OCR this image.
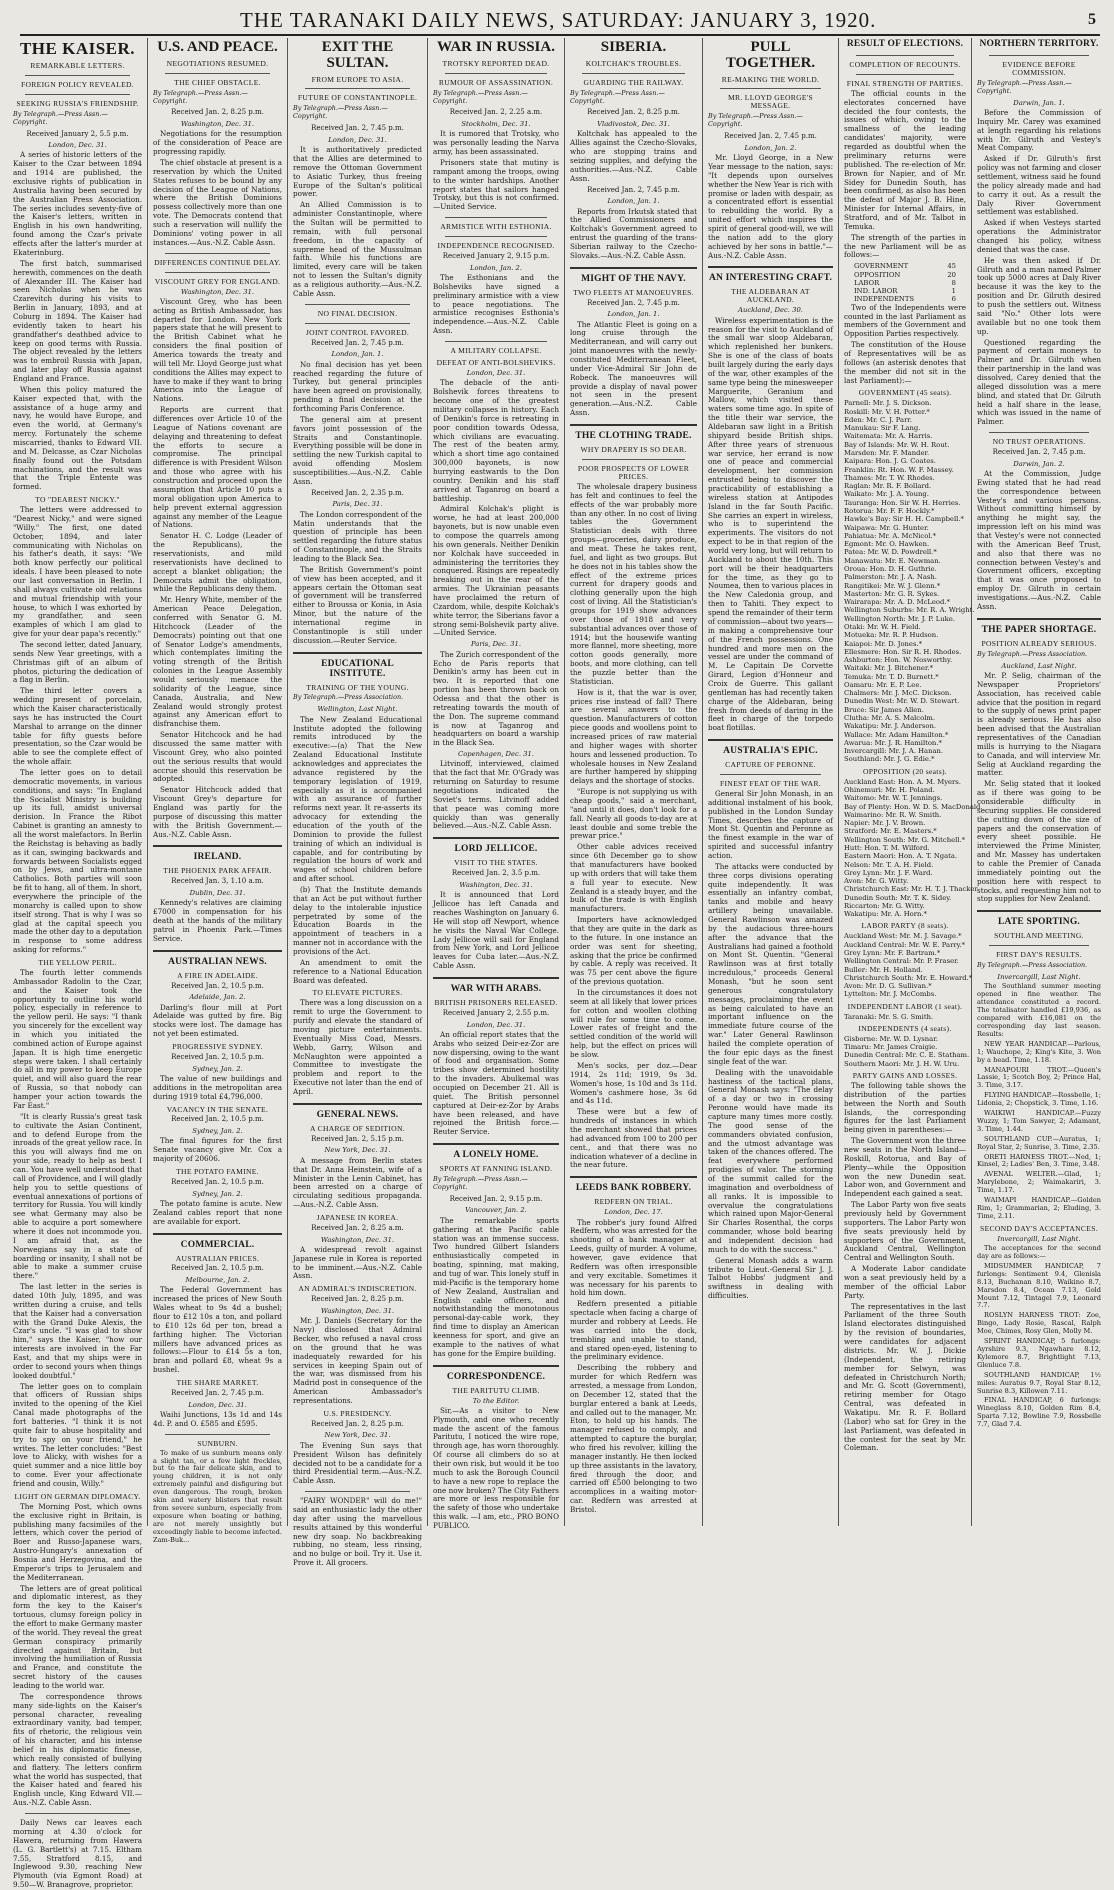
THE TARANAKI DAILY NEWS, SATURDAY: JANUARY 3, 1920.	5
THE KAISER.
REMARKABLE LETTERS.
FOREIGN POLICY REVEALED.
SEEKING RUSSIA'S FRIENDSHIP.
By Telegraph.—Press Assn.—Copyright.
Received January 2, 5.5 p.m.
London, Dec. 31.

A series of historic letters of the Kaiser to the Czar between 1894 and 1914 are published, the exclusive rights of publication in Australia having been secured by the Australian Press Association. The series includes seventy-five of the Kaiser's letters, written in English in his own handwriting, found among the Czar's private effects after the latter's murder at Ekaterinburg.

The first batch, summarised herewith, commences on the death of Alexander III. The Kaiser had seen Nicholas when he was Czarevitch during his visits to Berlin in January, 1893, and at Coburg in 1894. The Kaiser had evidently taken to heart his grandfather's deathbed advice to keep on good terms with Russia. The object revealed by the letters was to embroil Russia with Japan, and later play off Russia against England and France.

When this policy matured the Kaiser expected that, with the assistance of a huge army and navy, he would have Europe, and even the world, at Germany's mercy. Fortunately the scheme miscarried, thanks to Edward VII. and M. Delcasse, as Czar Nicholas finally found out the Potsdam machinations, and the result was that the Triple Entente was formed.

TO "DEAREST NICKY."

The letters were addressed to "Dearest Nicky," and were signed "Willy." The first, one dated October, 1894, and later communicating with Nicholas on his father's death, it says: "We both know perfectly our political ideals. I have been pleased to note our last conversation in Berlin. I shall always cultivate old relations and mutual friendship with your house, to which I was exhorted by my grandfather, and seen examples of which I am glad to give for your dear papa's recently."

The second letter, dated January, sends New Year greetings, with a Christmas gift of an album of photos, picturing the dedication of a flag in Berlin.

The third letter covers a wedding present of porcelain, which the Kaiser characteristically says he has instructed the Court Marshal to arrange on the dinner table for fifty guests before presentation, so the Czar would be able to see the complete effect of the whole affair.

The letter goes on to detail democratic movements, in various conditions, and says: "In England the Socialist Ministry is building up its full, amidst universal derision. In France the Ribot Cabinet is granting an amnesty to all the worst malefactors. In Berlin the Reichstag is behaving as badly as it can, swinging backwards and forwards between Socialists egged on by Jews, and ultra-montane Catholics. Both parties will soon be fit to hang, all of them. In short, everywhere the principle of the monarchy is called upon to show itself strong. That is why I was so glad at the capital speech you made the other day to a deputation in response to some address asking for reforms."

THE YELLOW PERIL.

The fourth letter commends Ambassador Radolin to the Czar, and the Kaiser took the opportunity to outline his world policy, especially in reference to the yellow peril. He says: "I thank you sincerely for the excellent way in which you initiated the combined action of Europe against Japan. It is high time energetic steps were taken. I shall certainly do all in my power to keep Europe quiet, and will also guard the rear of Russia, so that nobody can hamper your action towards the Far East."

"It is clearly Russia's great task to cultivate the Asian Continent, and to defend Europe from the inroads of the great yellow race. In this you will always find me on your side, ready to help as best I can. You have well understood that call of Providence, and I will gladly help you to settle questions of eventual annexations of portions of territory for Russia. You will kindly see what Germany may also be able to acquire a port somewhere where it does not incommode you. I am afraid that, as the Norwegians say in a state of boarding or insanity, I shall not be able to make a summer cruise there."

The last letter in the series is dated 10th July, 1895, and was written during a cruise, and tells that the Kaiser had a conversation with the Grand Duke Alexis, the Czar's uncle. "I was glad to show him," says the Kaiser, "how our interests are involved in the Far East, and that my ships were in order to second yours when things looked doubtful."

The letter goes on to complain that officers of Russian ships invited to the opening of the Kiel Canal made photographs of the fort batteries. "I think it is not quite fair to abuse hospitality and try to spy on your friend," he writes. The letter concludes: "Best love to Alicky, with wishes for a quiet summer and a nice little boy to come. Ever your affectionate friend and cousin, Willy."

LIGHT ON GERMAN DIPLOMACY.

The Morning Post, which owns the exclusive right in Britain, is publishing many facsimiles of the letters, which cover the period of Boer and Russo-Japanese wars, Austro-Hungary's annexation of Bosnia and Herzegovina, and the Emperor's trips to Jerusalem and the Mediterranean.

The letters are of great political and diplomatic interest, as they form the key to the Kaiser's tortuous, clumsy foreign policy in the effort to make Germany master of the world. They reveal the great German conspiracy primarily directed against Britain, but involving the humiliation of Russia and France, and constitute the secret history of the causes leading to the world war.

The correspondence throws many side-lights on the Kaiser's personal character, revealing extraordinary vanity, bad temper, fits of rhetoric, the religious vein of his character, and his intense belief in his diplomatic finesse, which really consisted of bullying and flattery. The letters confirm what the world has suspected, that the Kaiser hated and feared his English uncle, King Edward VII.—Aus.-N.Z. Cable Assn.

Daily News car leaves each morning at 4.30 o'clock for Hawera, returning from Hawera (L. G. Bartlett's) at 7.15. Eltham 7.55, Stratford 8.15, and Inglewood 9.30, reaching New Plymouth (via Egmont Road) at 9.50—W. Branagrove, proprietor.

U.S. AND PEACE.
NEGOTIATIONS RESUMED.
THE CHIEF OBSTACLE.
By Telegraph.—Press Assn.—Copyright.
Received Jan. 2, 8.25 p.m.
Washington, Dec. 31.

Negotiations for the resumption of the consideration of Peace are progressing rapidly.

The chief obstacle at present is a reservation by which the United States refuses to be bound by any decision of the League of Nations, where the British Dominions possess collectively more than one vote. The Democrats contend that such a reservation will nullify the Dominions' voting power in all instances.—Aus.-N.Z. Cable Assn.

DIFFERENCES CONTINUE DELAY.
VISCOUNT GREY FOR ENGLAND.
Washington, Dec. 31.

Viscount Grey, who has been acting as British Ambassador, has departed for London. New York papers state that he will present to the British Cabinet what he considers the final position of America towards the treaty and will tell Mr. Lloyd George just what conditions the Allies may expect to have to make if they want to bring America into the League of Nations.

Reports are current that differences over Article 10 of the League of Nations covenant are delaying and threatening to defeat the efforts to secure a compromise. The principal difference is with President Wilson and those who agree with his construction and proceed upon the assumption that Article 10 puts a moral obligation upon America to help prevent external aggression against any member of the League of Nations.

Senator H. C. Lodge (Leader of the Republicans), the reservationists, and mild reservationists have declined to accept a blanket obligation; the Democrats admit the obligation, while the Republicans deny them.

Mr. Henry White, member of the American Peace Delegation, conferred with Senator G. M. Hitchcock (Leader of the Democrats) pointing out that one of Senator Lodge's amendments, which contemplates limiting the voting strength of the British colonies in the League Assembly would seriously menace the solidarity of the League, since Canada, Australia, and New Zealand would strongly protest against any American effort to disfranchise them.

Senator Hitchcock and he had discussed the same matter with Viscount Grey, who also pointed out the serious results that would accrue should this reservation be adopted.

Senator Hitchcock added that Viscount Grey's departure for England was partly for the purpose of discussing this matter with the British Government.—Aus.-N.Z. Cable Assn.

IRELAND.
THE PHOENIX PARK AFFAIR.
Received Jan. 3, 1.10 a.m.
Dublin, Dec. 31.

Kennedy's relatives are claiming £7000 in compensation for his death at the hands of the military patrol in Phoenix Park.—Times Service.

AUSTRALIAN NEWS.
A FIRE IN ADELAIDE.
Received Jan. 2, 10.5 p.m.
Adelaide, Jan. 2.

Darling's flour mill at Port Adelaide was gutted by fire. Big stocks were lost. The damage has not yet been estimated.

PROGRESSIVE SYDNEY.
Received Jan. 2, 10.5 p.m.
Sydney, Jan. 2.

The value of new buildings and additions in the metropolitan area during 1919 total £4,796,000.

VACANCY IN THE SENATE.
Received Jan. 2, 10.5 p.m.
Sydney, Jan. 2.

The final figures for the first Senate vacancy give Mr. Cox a majority of 20606.

THE POTATO FAMINE.
Received Jan. 2, 10.5 p.m.
Sydney, Jan. 2.

The potato famine is acute. New Zealand cables report that none are available for export.

COMMERCIAL.
AUSTRALIAN PRICES.
Received Jan. 2, 10.5 p.m.
Melbourne, Jan. 2.

The Federal Government has increased the prices of New South Wales wheat to 9s 4d a bushel; flour to £12 10s a ton, and pollard to £10 12s 6d per ton, bread a farthing higher. The Victorian millers have advanced prices as follows:—Flour to £14 5s a ton, bran and pollard £8, wheat 9s a bushel.

THE SHARE MARKET.
Received Jan. 2, 7.45 p.m.
London, Dec. 31.

Waihi Junctions, 13s 1d and 14s 4d. P. and O. £585 and £595.

SUNBURN.

To make of us sunburn means only a slight tan, or a few light freckles, but to the fair delicate skin, and to young children, it is not only extremely painful and disfiguring but even dangerous. The rough, broken skin and watery blisters that result from severe sunburn, especially from exposure when boating or bathing, are not merely unsightly but exceedingly liable to become infected. Zam-Buk...

EXIT THE SULTAN.
FROM EUROPE TO ASIA.
FUTURE OF CONSTANTINOPLE.
By Telegraph.—Press Assn.—Copyright.
Received Jan. 2, 7.45 p.m.
London, Dec. 31.

It is authoritatively predicted that the Allies are determined to remove the Ottoman Government to Asiatic Turkey, thus freeing Europe of the Sultan's political power.

An Allied Commission is to administer Constantinople, where the Sultan will be permitted to remain, with full personal freedom, in the capacity of supreme head of the Mussulman faith. While his functions are limited, every care will be taken not to lessen the Sultan's dignity as a religious authority.—Aus.-N.Z. Cable Assn.

NO FINAL DECISION.
JOINT CONTROL FAVORED.
Received Jan. 2, 7.45 p.m.
London, Jan. 1.

No final decision has yet been reached regarding the future of Turkey, but general principles have been agreed on provisionally, pending a final decision at the forthcoming Paris Conference.

The general aim at present favors joint possession of the Straits and Constantinople. Everything possible will be done in settling the new Turkish capital to avoid offending Moslem susceptibilities.—Aus.-N.Z. Cable Assn.

Received Jan. 2, 2.35 p.m.
Paris, Dec. 31.

The London correspondent of the Matin understands that the question of principle has been settled regarding the future status of Constantinople, and the Straits leading to the Black Sea.

The British Government's point of view has been accepted, and it appears certain the Ottoman seat of government will be transferred either to Broussa or Konia, in Asia Minor, but the nature of the international regime in Constantinople is still under discussion.—Reuter Service.

EDUCATIONAL INSTITUTE.
TRAINING OF THE YOUNG.
By Telegraph.—Press Association.
Wellington, Last Night.

The New Zealand Educational Institute adopted the following remits introduced by the executive:—(a) That the New Zealand Educational Institute acknowledges and appreciates the advance registered by the temporary legislation of 1919, especially as it is accompanied with an assurance of further reforms next year. It re-asserts its advocacy for extending the education of the youth of the Dominion to provide the fullest training of which an individual is capable, and for contributing by regulation the hours of work and wages of school children before and after school.

(b) That the Institute demands that an Act be put without further delay to the intolerable injustice perpetrated by some of the Education Boards in the appointment of teachers in a manner not in accordance with the provisions of the Act.

An amendment to omit the reference to a National Education Board was defeated.

TO ELEVATE PICTURES.

There was a long discussion on a remit to urge the Government to purify and elevate the standard of moving picture entertainments. Eventually Miss Coad, Messrs. Webb, Garry, Wilson and McNaughton were appointed a Committee to investigate the problem and report to the Executive not later than the end of April.

GENERAL NEWS.
A CHARGE OF SEDITION.
Received Jan. 2, 5.15 p.m.
New York, Dec. 31.

A message from Berlin states that Dr. Anna Heinstein, wife of a Minister in the Lenin Cabinet, has been arrested on a charge of circulating seditious propaganda.—Aus.-N.Z. Cable Assn.

JAPANESE IN KOREA.
Received Jan. 2, 8.25 a.m.
Washington, Dec. 31.

A widespread revolt against Japanese rule in Korea is reported to be imminent.—Aus.-N.Z. Cable Assn.

AN ADMIRAL'S INDISCRETION.
Received Jan. 2, 8.25 p.m.
Washington, Dec. 31.

Mr. J. Daniels (Secretary for the Navy) disclosed that Admiral Becker, who refused a naval cross on the ground that he was inadequately rewarded for his services in keeping Spain out of the war, was dismissed from his Madrid post in consequence of the American Ambassador's representations.

U.S. PRESIDENCY.
Received Jan. 2, 8.25 p.m.
New York, Dec. 31.

The Evening Sun says that President Wilson has definitely decided not to be a candidate for a third Presidential term.—Aus.-N.Z. Cable Assn.

"FAIRY WONDER" will do me!" said an enthusiastic lady the other day after using the marvellous results attained by this wonderful new dry soap. No backbreaking rubbing, no steam, less rinsing, and no bulge or boil. Try it. Use it. Prove it. All grocers.

WAR IN RUSSIA.
TROTSKY REPORTED DEAD.
RUMOUR OF ASSASSINATION.
By Telegraph.—Press Assn.—Copyright.
Received Jan. 2, 2.25 a.m.
Stockholm, Dec. 31.

It is rumored that Trotsky, who was personally leading the Narva army, has been assassinated.

Prisoners state that mutiny is rampant among the troops, owing to the winter hardships. Another report states that sailors hanged Trotsky, but this is not confirmed.—United Service.

ARMISTICE WITH ESTHONIA.
INDEPENDENCE RECOGNISED.
Received January 2, 9.15 p.m.
London, Jan. 2.

The Esthonians and the Bolsheviks have signed a preliminary armistice with a view to peace negotiations. The armistice recognises Esthonia's independence.—Aus.-N.Z. Cable Assn.

A MILITARY COLLAPSE.
DEFEAT OF ANTI-BOLSHEVIKS.
London, Dec. 31.

The debacle of the anti-Bolshevik forces threatens to become one of the greatest military collapses in history. Each of Denikin's force is retreating in poor condition towards Odessa, which civilians are evacuating. The rest of the beaten army, which a short time ago contained 300,000 bayonets, is now hurrying eastwards to the Don country. Denikin and his staff arrived at Taganrog on board a battleship.

Admiral Kolchak's plight is worse, he had at least 200,000 bayonets, but is now unable even to compose the quarrels among his own generals. Neither Denikin nor Kolchak have succeeded in administering the territories they conquered. Risings are repeatedly breaking out in the rear of the armies. The Ukrainian peasants have proclaimed the return of Czardom, while, despite Kolchak's white terror, the Siberians favor a strong semi-Bolshevik party alive.—United Service.

Paris, Dec. 31.

The Zurich correspondent of the Echo de Paris reports that Denikin's army has been cut in two. It is reported that one portion has been thrown back on Odessa and that the other is retreating towards the mouth of the Don. The supreme command is now at Taganrog and headquarters on board a warship in the Black Sea.

Copenhagen, Dec. 31.

Litvinoff, interviewed, claimed that the fact that Mr. O'Grady was returning on Saturday to resume negotiations indicated the Soviet's terms. Litvinoff added that peace was coming more quickly than was generally believed.—Aus.-N.Z. Cable Assn.

LORD JELLICOE.
VISIT TO THE STATES.
Received Jan. 2, 3.5 p.m.
Washington, Dec. 31.

It is announced that Lord Jellicoe has left Canada and reaches Washington on January 6. He will stop off Newport, whence he visits the Naval War College. Lady Jellicoe will sail for England from New York, and Lord Jellicoe leaves for Cuba later.—Aus.-N.Z. Cable Assn.

WAR WITH ARABS.
BRITISH PRISONERS RELEASED.
Received January 2, 2.55 p.m.
London, Dec. 31.

An official report states that the Arabs who seized Deir-ez-Zor are now dispersing, owing to the want of food and organisation. Some tribes show determined hostility to the invaders. Abulkemal was occupied on December 21. All is quiet. The British personnel captured at Deir-ez-Zor by Arabs have been released, and have rejoined the British force.—Reuter Service.

A LONELY HOME.
SPORTS AT FANNING ISLAND.
By Telegraph.—Press Assn.—Copyright.
Received Jan. 2, 9.15 p.m.
Vancouver, Jan. 2.

The remarkable sports gathering at the Pacific cable station was an immense success. Two hundred Gilbert Islanders enthusiastically competed in boating, spinning, mat making, and tug of war. This lonely stuff in mid-Pacific is the temporary home of New Zealand, Australian and English cable officers, and notwithstanding the monotonous personal-day-cable work, they find time to display an American keenness for sport, and give an example to the natives of what has gone for the Empire building.

CORRESPONDENCE.
THE PARITUTU CLIMB.
To the Editor.

Sir,—As a visitor to New Plymouth, and one who recently made the ascent of the famous Paritutu, I noticed the wire rope, through age, has worn thoroughly. Of course all climbers do so at their own risk, but would it be too much to ask the Borough Council to have a new rope to replace the one now broken? The City Fathers are more or less responsible for the safety of those who undertake this walk. —I am, etc., PRO BONO PUBLICO.

SIBERIA.
KOLTCHAK'S TROUBLES.
GUARDING THE RAILWAY.
By Telegraph.—Press Assn.—Copyright.
Received Jan. 2, 8.25 p.m.
Vladivostok, Dec. 31.

Koltchak has appealed to the Allies against the Czecho-Slovaks, who are stopping trains and seizing supplies, and defying the authorities.—Aus.-N.Z. Cable Assn.

Received Jan. 2, 7.45 p.m.
London, Jan. 1.

Reports from Irkutsk stated that the Allied Commissioners and Koltchak's Government agreed to entrust the guarding of the trans-Siberian railway to the Czecho-Slovaks.—Aus.-N.Z. Cable Assn.

MIGHT OF THE NAVY.
TWO FLEETS AT MANOEUVRES.
Received Jan. 2, 7.45 p.m.
London, Jan. 1.

The Atlantic Fleet is going on a long cruise through the Mediterranean, and will carry out joint manoeuvres with the newly-constituted Mediterranean Fleet, under Vice-Admiral Sir John de Robeck. The manoeuvres will provide a display of naval power not seen in the present generation.—Aus.-N.Z. Cable Assn.

THE CLOTHING TRADE.
WHY DRAPERY IS SO DEAR.
POOR PROSPECTS OF LOWER PRICES.

The wholesale drapery business has felt and continues to feel the effects of the war probably more than any other. In no cost of living tables the Government Statistician deals with three groups—groceries, dairy produce, and meat. These he takes rent, fuel, and light as two groups. But he does not in his tables show the effect of the extreme prices current for drapery goods and clothing generally upon the high cost of living. All the Statistician's groups for 1919 show advances over those of 1918 and very substantial advances over those of 1914; but the housewife wanting more flannel, more sheeting, more cotton goods generally, more boots, and more clothing, can tell the puzzle better than the Statistician.

How is it, that the war is over, prices rise instead of fall? There are several answers to the question. Manufacturers of cotton piece goods and woollens point to increased prices of raw material and higher wages with shorter hours and lessened production. To wholesale houses in New Zealand are further hampered by shipping delays and the shortage of stocks.

"Europe is not supplying us with cheap goods," said a merchant, "and until it does, don't look for a fall. Nearly all goods to-day are at least double and some treble the prewar price."

Other cable advices received since 6th December go to show that manufacturers have booked up with orders that will take them a full year to execute. New Zealand is a steady buyer, and the bulk of the trade is with English manufacturers.

Importers have acknowledged that they are quite in the dark as to the future. In one instance an order was sent for sheeting, asking that the price be confirmed by cable. A reply was received. It was 75 per cent above the figure of the previous quotation.

In the circumstances it does not seem at all likely that lower prices for cotton and woollen clothing will rule for some time to come. Lower rates of freight and the settled condition of the world will help, but the effect on prices will be slow.

Men's socks, per doz.—Dear 1914, 2s 11d; 1919, 9s 3d. Women's hose, 1s 10d and 3s 11d. Women's cashmere hose, 3s 6d and 4s 11d.

These were but a few of hundreds of instances in which the merchant showed that prices had advanced from 100 to 200 per cent., and that there was no indication whatever of a decline in the near future.

LEEDS BANK ROBBERY.
REDFERN ON TRIAL.
London, Dec. 17.

The robber's jury found Alfred Redfern, who was arrested for the shooting of a bank manager at Leeds, guilty of murder. A volume, however, gave evidence that Redfern was often irresponsible and very excitable. Sometimes it was necessary for his parents to hold him down.

Redfern presented a pitiable spectacle when facing a charge of murder and robbery at Leeds. He was carried into the dock, trembling and unable to stand, and stared open-eyed, listening to the preliminary evidence.

Describing the robbery and murder for which Redfern was arrested, a message from London, on December 12, stated that the burglar entered a bank at Leeds, and called out to the manager, Mr. Eton, to hold up his hands. The manager refused to comply, and attempted to capture the burglar, who fired his revolver, killing the manager instantly. He then locked up three assistants in the lavatory, fired through the door, and carried off £500 belonging to two accomplices in a waiting motor-car. Redfern was arrested at Bristol.

PULL TOGETHER.
RE-MAKING THE WORLD.
MR. LLOYD GEORGE'S MESSAGE.
By Telegraph.—Press Assn.—Copyright.
Received Jan. 2, 7.45 p.m.
London, Jan. 2.

Mr. Lloyd George, in a New Year message to the nation, says: "It depends upon ourselves whether the New Year is rich with promise or laden with despair, as a concentrated effort is essential to rebuilding the world. By a united effort which inspires the spirit of general good-will, we will the nation add to the glory achieved by her sons in battle."—Aus.-N.Z. Cable Assn.

AN INTERESTING CRAFT.
THE ALDEBARAN AT AUCKLAND.
Auckland, Dec. 30.

Wireless experimentation is the reason for the visit to Auckland of the small war sloop Aldebaran, which replenished her bunkers. She is one of the class of boats built largely during the early days of the war, other examples of the same type being the minesweeper Marguerite, Geranium and Mallow, which visited these waters some time ago. In spite of the title their war service, the Aldebaran saw light in a British shipyard beside British ships. After three years of strenuous war service, her errand is now one of peace and commercial development, her commission entrusted being to discover the practicability of establishing a wireless station at Antipodes Island in the far South Pacific. She carries an expert in wireless, who is to superintend the experiments. The visitors do not expect to be in that region of the world very long, but will return to Auckland to about the 10th. This port will be their headquarters for the time, as they go to Noumea, then to various places in the New Caledonia group, and then to Tahiti. They expect to spend the remainder of their term of commission—about two years—in making a comprehensive tour of the French possessions. One hundred and more men on the vessel are under the command of M. Le Capitain De Corvette Girard, Legion d'Honneur and Croix de Guerre. This gallant gentleman has had recently taken charge of the Aldebaran, being fresh from deeds of daring in the fleet in charge of the torpedo boat flotillas.

AUSTRALIA'S EPIC.
CAPTURE OF PERONNE.
FINEST FEAT OF THE WAR.

General Sir John Monash, in an additional instalment of his book, published in the London Sunday Times, describes the capture of Mont St. Quentin and Peronne as the finest example in the war of spirited and successful infantry action.

The attacks were conducted by three corps divisions operating quite independently. It was essentially an infantry combat, tanks and mobile and heavy artillery being unavailable. General Rawlinson was amazed by the audacious three-hours after the advance that the Australians had gained a foothold on Mont St. Quentin. "General Rawlinson was at first totally incredulous," proceeds General Monash, "but he soon sent generous congratulatory messages, proclaiming the event as being calculated to have an important influence on the immediate future course of the war." Later General Rawlinson hailed the complete operation of the four epic days as the finest single feat of the war.

Dealing with the unavoidable hastiness of the tactical plans, General Monash says: "The delay of a day or two in crossing Peronne would have made its capture many times more costly. The good sense of the commanders obviated confusion, and the utmost advantage was taken of the chances offered. The feat everywhere performed prodigies of valor. The storming of the summit called for the imagination and overboldness of all ranks. It is impossible to overvalue the congratulations which rained upon Major-General Sir Charles Rosenthal, the corps commander, whose bold bearing and independent decision had much to do with the success."

General Monash adds a warm tribute to Lieut.-General Sir J. J. Talbot Hobbs' judgment and swiftness in dealing with difficulties.

RESULT OF ELECTIONS.
COMPLETION OF RECOUNTS.
FINAL STRENGTH OF PARTIES.

The official counts in the electorates concerned have decided the four contests, the issues of which, owing to the smallness of the leading candidates' majority, were regarded as doubtful when the preliminary returns were published. The re-election of Mr. Brown for Napier, and of Mr. Sidey for Dunedin South, has been confirmed, as also has been the defeat of Major J. B. Hine, Minister for Internal Affairs, in Stratford, and of Mr. Talbot in Temuka.

The strength of the parties in the new Parliament will be as follows:—

GOVERNMENT	45
OPPOSITION	20
LABOR	8
IND. LABOR	1
INDEPENDENTS	6

Two of the Independents were counted in the last Parliament as members of the Government and Opposition Parties respectively.

The constitution of the House of Representatives will be as follows (an asterisk denotes that the member did not sit in the last Parliament):—

GOVERNMENT (45 seats).
Parnell: Mr. J. S. Dickson.
Roskill: Mr. V. H. Potter.*
Eden: Mr. C. J. Parr.
Manukau: Sir F. Lang.
Waitemata: Mr. A. Harris.
Bay of Islands: Mr. W. H. Rout.
Marsden: Mr. F. Mander.
Kaipara: Hon. J. G. Coates.
Franklin: Rt. Hon. W. F. Massey.
Thames: Mr. T. W. Rhodes.
Raglan: Mr. R. F. Bollard.
Waikato: Mr. J. A. Young.
Tauranga: Hon. Sir W. H. Herries.
Rotorua: Mr. F. F. Hockly.*
Hawke's Bay: Sir H. H. Campbell.*
Waipawa: Mr. G. Hunter.
Pahiatua: Mr. A. McNicol.*
Egmont: Mr. O. Hawken.
Patea: Mr. W. D. Powdrell.*
Manawatu: Mr. E. Newman.
Oroua: Hon. D. H. Guthrie.
Palmerston: Mr. J. A. Nash.
Rangitikei: Mr. W. J. Glenn.*
Masterton: Mr. G. R. Sykes.
Wairarapa: Mr. A. D. McLeod.*
Wellington Suburbs: Mr. R. A. Wright.
Wellington North: Mr. J. P. Luke.
Otaki: Mr. W. H. Field.
Motueka: Mr. R. P. Hudson.
Kaiapoi: Mr. D. Jones.*
Ellesmere: Hon. Sir R. H. Rhodes.
Ashburton: Hon. W. Nosworthy.
Waitaki: Mr. J. Bitchener.*
Temuka: Mr. T. D. Burnett.*
Oamaru: Mr. E. P. Lee.
Chalmers: Mr. J. McC. Dickson.
Dunedin West: Mr. W. D. Stewart.
Bruce: Sir James Allen.
Clutha: Mr. A. S. Malcolm.
Wakatipu: Mr. J. Anderson.
Wallace: Mr. Adam Hamilton.*
Awarua: Mr. J. R. Hamilton.*
Invercargill: Mr. J. A. Hanan.
Southland: Mr. J. G. Edie.*
OPPOSITION (20 seats).
Auckland East: Hon. A. M. Myers.
Ohinemuri: Mr. H. Poland.
Waitomo: Mr. W. T. Jennings.
Bay of Plenty: Hon. W. D. S. MacDonald.
Waimarino: Mr. R. W. Smith.
Napier: Mr. J. V. Brown.
Stratford: Mr. E. Masters.*
Wellington South: Mr. G. Mitchell.*
Hutt: Hon. T. M. Wilford.
Eastern Maori: Hon. A. T. Ngata.
Nelson: Mr. T. A. H. Field.
Grey Lynn: Mr. J. F. Ward.
Avon: Mr. G. Witty.
Christchurch East: Mr. H. T. J. Thacker.
Dunedin South: Mr. T. K. Sidey.
Riccarton: Mr. G. Witty.
Wakatipu: Mr. A. Horn.*
LABOR PARTY (8 seats).
Auckland West: Mr. M. J. Savage.*
Auckland Central: Mr. W. E. Parry.*
Grey Lynn: Mr. F. Bartram.*
Wellington Central: Mr. P. Fraser.
Buller: Mr. H. Holland.
Christchurch South: Mr. E. Howard.*
Avon: Mr. D. G. Sullivan.*
Lyttelton: Mr. J. McCombs.
INDEPENDENT LABOR (1 seat).
Taranaki: Mr. S. G. Smith.
INDEPENDENTS (4 seats).
Gisborne: Mr. W. D. Lysnar.
Timaru: Mr. James Craigie.
Dunedin Central: Mr. C. E. Statham.
Southern Maori: Mr. J. H. W. Uru.
PARTY GAINS AND LOSSES.

The following table shows the distribution of the parties between the North and South Islands, the corresponding figures for the last Parliament being given in parentheses:—

The Government won the three new seats in the North Island—Roskill, Rotorua, and Bay of Plenty—while the Opposition won the new Dunedin seat. Labor won, and Government and Independent each gained a seat.

The Labor Party won five seats previously held by Government supporters. The Labor Party won five seats previously held by supporters of the Government, Auckland Central, Wellington Central and Wellington South.

A Moderate Labor candidate won a seat previously held by a member of the official Labor Party.

The representatives in the last Parliament of the three South Island electorates distinguished by the revision of boundaries, were candidates for adjacent districts. Mr. W. J. Dickie (Independent, the retiring member for Selwyn, was defeated in Christchurch North; and Mr. G. Scott (Government), retiring member for Otago Central, was defeated in Wakatipu. Mr. R. F. Bollard (Labor) who sat for Grey in the last Parliament, was defeated in the contest for the seat by Mr. Coleman.

NORTHERN TERRITORY.
EVIDENCE BEFORE COMMISSION.
By Telegraph.—Press Assn.—Copyright.
Darwin, Jan. 1.

Before the Commission of Inquiry Mr. Carey was examined at length regarding his relations with Dr. Gilruth and Vestey's Meat Company.

Asked if Dr. Gilruth's first policy was not farming and closer settlement, witness said he found the policy already made and had to carry it out. As a result the Daly River Government settlement was established.

Asked if when Vesteys started operations the Administrator changed his policy, witness denied that was the case.

He was then asked if Dr. Gilruth and a man named Palmer took up 5000 acres at Daly River because it was the key to the position and Dr. Gilruth desired to push the settlers out. Witness said "No." Other lots were available but no one took them up.

Questioned regarding the payment of certain moneys to Palmer and Dr. Gilruth when their partnership in the land was dissolved, Carey denied that the alleged dissolution was a mere blind, and stated that Dr. Gilruth held a half share in the lease, which was issued in the name of Palmer.

NO TRUST OPERATIONS.
Received Jan. 2, 7.45 p.m.
Darwin, Jan. 2.

At the Commission, Judge Ewing stated that he had read the correspondence between Vestey's and various persons. Without committing himself by anything he might say, the impression left on his mind was that Vestey's were not connected with the American Beef Trust, and also that there was no connection between Vestey's and Government officers, excepting that it was once proposed to employ Dr. Gilruth in certain investigations.—Aus.-N.Z. Cable Assn.

THE PAPER SHORTAGE.
POSITION ALREADY SERIOUS.
By Telegraph.—Press Association.
Auckland, Last Night.

Mr. P. Selig, chairman of the Newspaper Proprietors' Association, has received cable advice that the position in regard to the supply of news print paper is already serious. He has also been advised that the Australian representatives of the Canadian mills is hurrying to the Niagara to Canada, and will interview Mr. Selig at Auckland regarding the matter.

Mr. Selig stated that it looked as if there was going to be considerable difficulty in securing supplies. He considered the cutting down of the size of papers and the conservation of every sheet possible. He interviewed the Prime Minister, and Mr. Massey has undertaken to cable the Premier of Canada immediately pointing out the position here with respect to stocks, and requesting him not to stop supplies for New Zealand.

LATE SPORTING.
SOUTHLAND MEETING.
FIRST DAY'S RESULTS.
By Telegraph.—Press Association.
Invercargill, Last Night.

The Southland summer meeting opened in fine weather. The attendance constituted a record. The totalisator handled £19,936, as compared with £16,081 on the corresponding day last season. Results:

NEW YEAR HANDICAP.—Parlous, 1; Wauchope, 2; King's Kite, 3. Won by a head. Time, 1.18.

MANAPOURI TROT.—Queen's Lassie, 1; Scotch Boy, 2; Prince Hal, 3. Time, 3.17.

FLYING HANDICAP.—Rossbelle, 1; Lidonia, 2; Chopstick, 3. Time, 1.16.

WAIKIWI HANDICAP.—Fuzzy Wuzzy, 1; Tom Sawyer, 2; Adamant, 3. Time, 1.44.

SOUTHLAND CUP.—Auratus, 1; Royal Star, 2; Sunrise, 3. Time, 2.35.

ORETI HARNESS TROT.—Ned, 1; Kinsel, 2; Ladies' Ben, 3. Time, 3.48.

AVENAL WELTER.—Glad, 1; Marylebone, 2; Waimakariri, 3. Time, 1.17.

WAIMAPI HANDICAP.—Golden Rim, 1; Grammarian, 2; Eluding, 3. Time, 2.11.

SECOND DAY'S ACCEPTANCES.
Invercargill, Last Night.

The acceptances for the second day are as follows:—

MIDSUMMER HANDICAP, 7 furlongs: Sentiment 9.4, Glenisla 8.13, Buchanan 8.10, Waikino 8.7, Marsdon 8.4, Ocean 7.13, Gold Mount 7.12, Tintagel 7.9, Leonard 7.7.

ROSLYN HARNESS TROT: Zoe, Bingo, Lady Rosie, Rascal, Ralph Moe, Chimes, Rosy Glen, Molly M.

SPRINT HANDICAP, 5 furlongs: Ayrshire 9.3, Ngawhare 8.12, Kylemore 8.7, Brightlight 7.13, Glenluce 7.8.

SOUTHLAND HANDICAP, 1½ miles: Auratus 9.7, Royal Star 8.12, Sunrise 8.3, Killowen 7.11.

FINAL HANDICAP, 6 furlongs: Wineglass 8.10, Golden Rim 8.4, Sparta 7.12, Bowline 7.9, Rossbelle 7.7, Glad 7.4.
